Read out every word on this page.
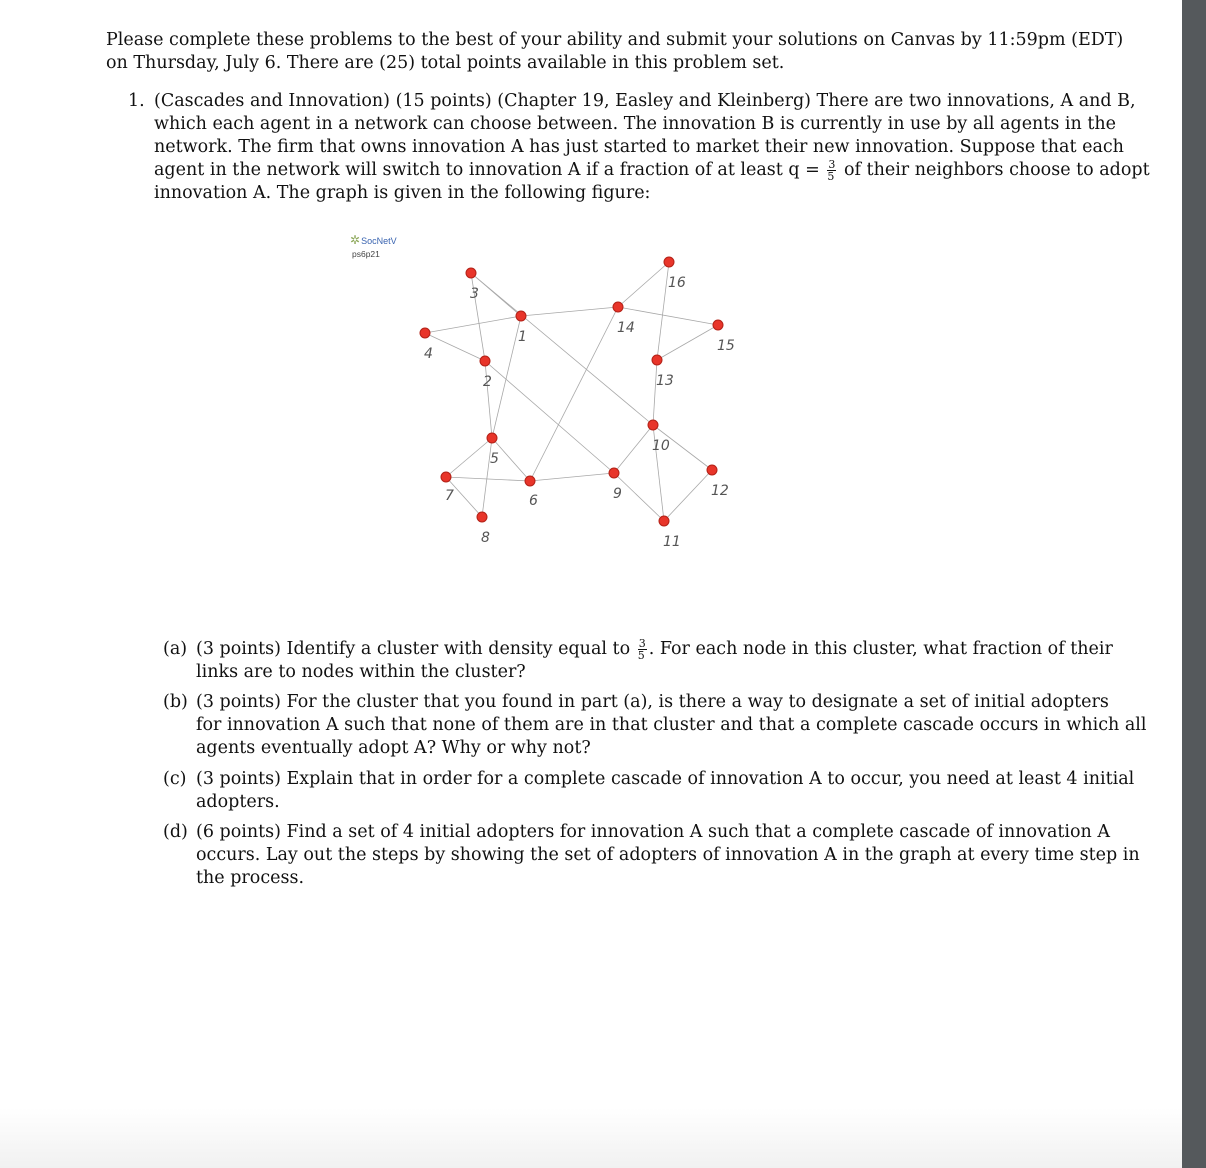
Please complete these problems to the best of your ability and submit your solutions on Canvas by 11:59pm (EDT)
on Thursday, July 6. There are (25) total points available in this problem set.
1. (Cascades and Innovation) (15 points) (Chapter 19, Easley and Kleinberg) There are two innovations, A and B,
which each agent in a network can choose between. The innovation B is currently in use by all agents in the
network. The firm that owns innovation A has just started to market their new innovation. Suppose that each
agent in the network will switch to innovation A if a fraction of at least $q = \frac{3}{5}$ of their neighbors choose to adopt
innovation A. The graph is given in the following figure:
✲SocNetV
ps6p21
1
2
3
4
5
6
7
8
9
10
11
12
13
14
15
16
(a) (3 points) Identify a cluster with density equal to $\frac{3}{5}$ . For each node in this cluster, what fraction of their
links are to nodes within the cluster?
(b) (3 points) For the cluster that you found in part (a), is there a way to designate a set of initial adopters
for innovation A such that none of them are in that cluster and that a complete cascade occurs in which all
agents eventually adopt A? Why or why not?
(c) (3 points) Explain that in order for a complete cascade of innovation A to occur, you need at least 4 initial
adopters.
(d) (6 points) Find a set of 4 initial adopters for innovation A such that a complete cascade of innovation A
occurs. Lay out the steps by showing the set of adopters of innovation A in the graph at every time step in
the process.
